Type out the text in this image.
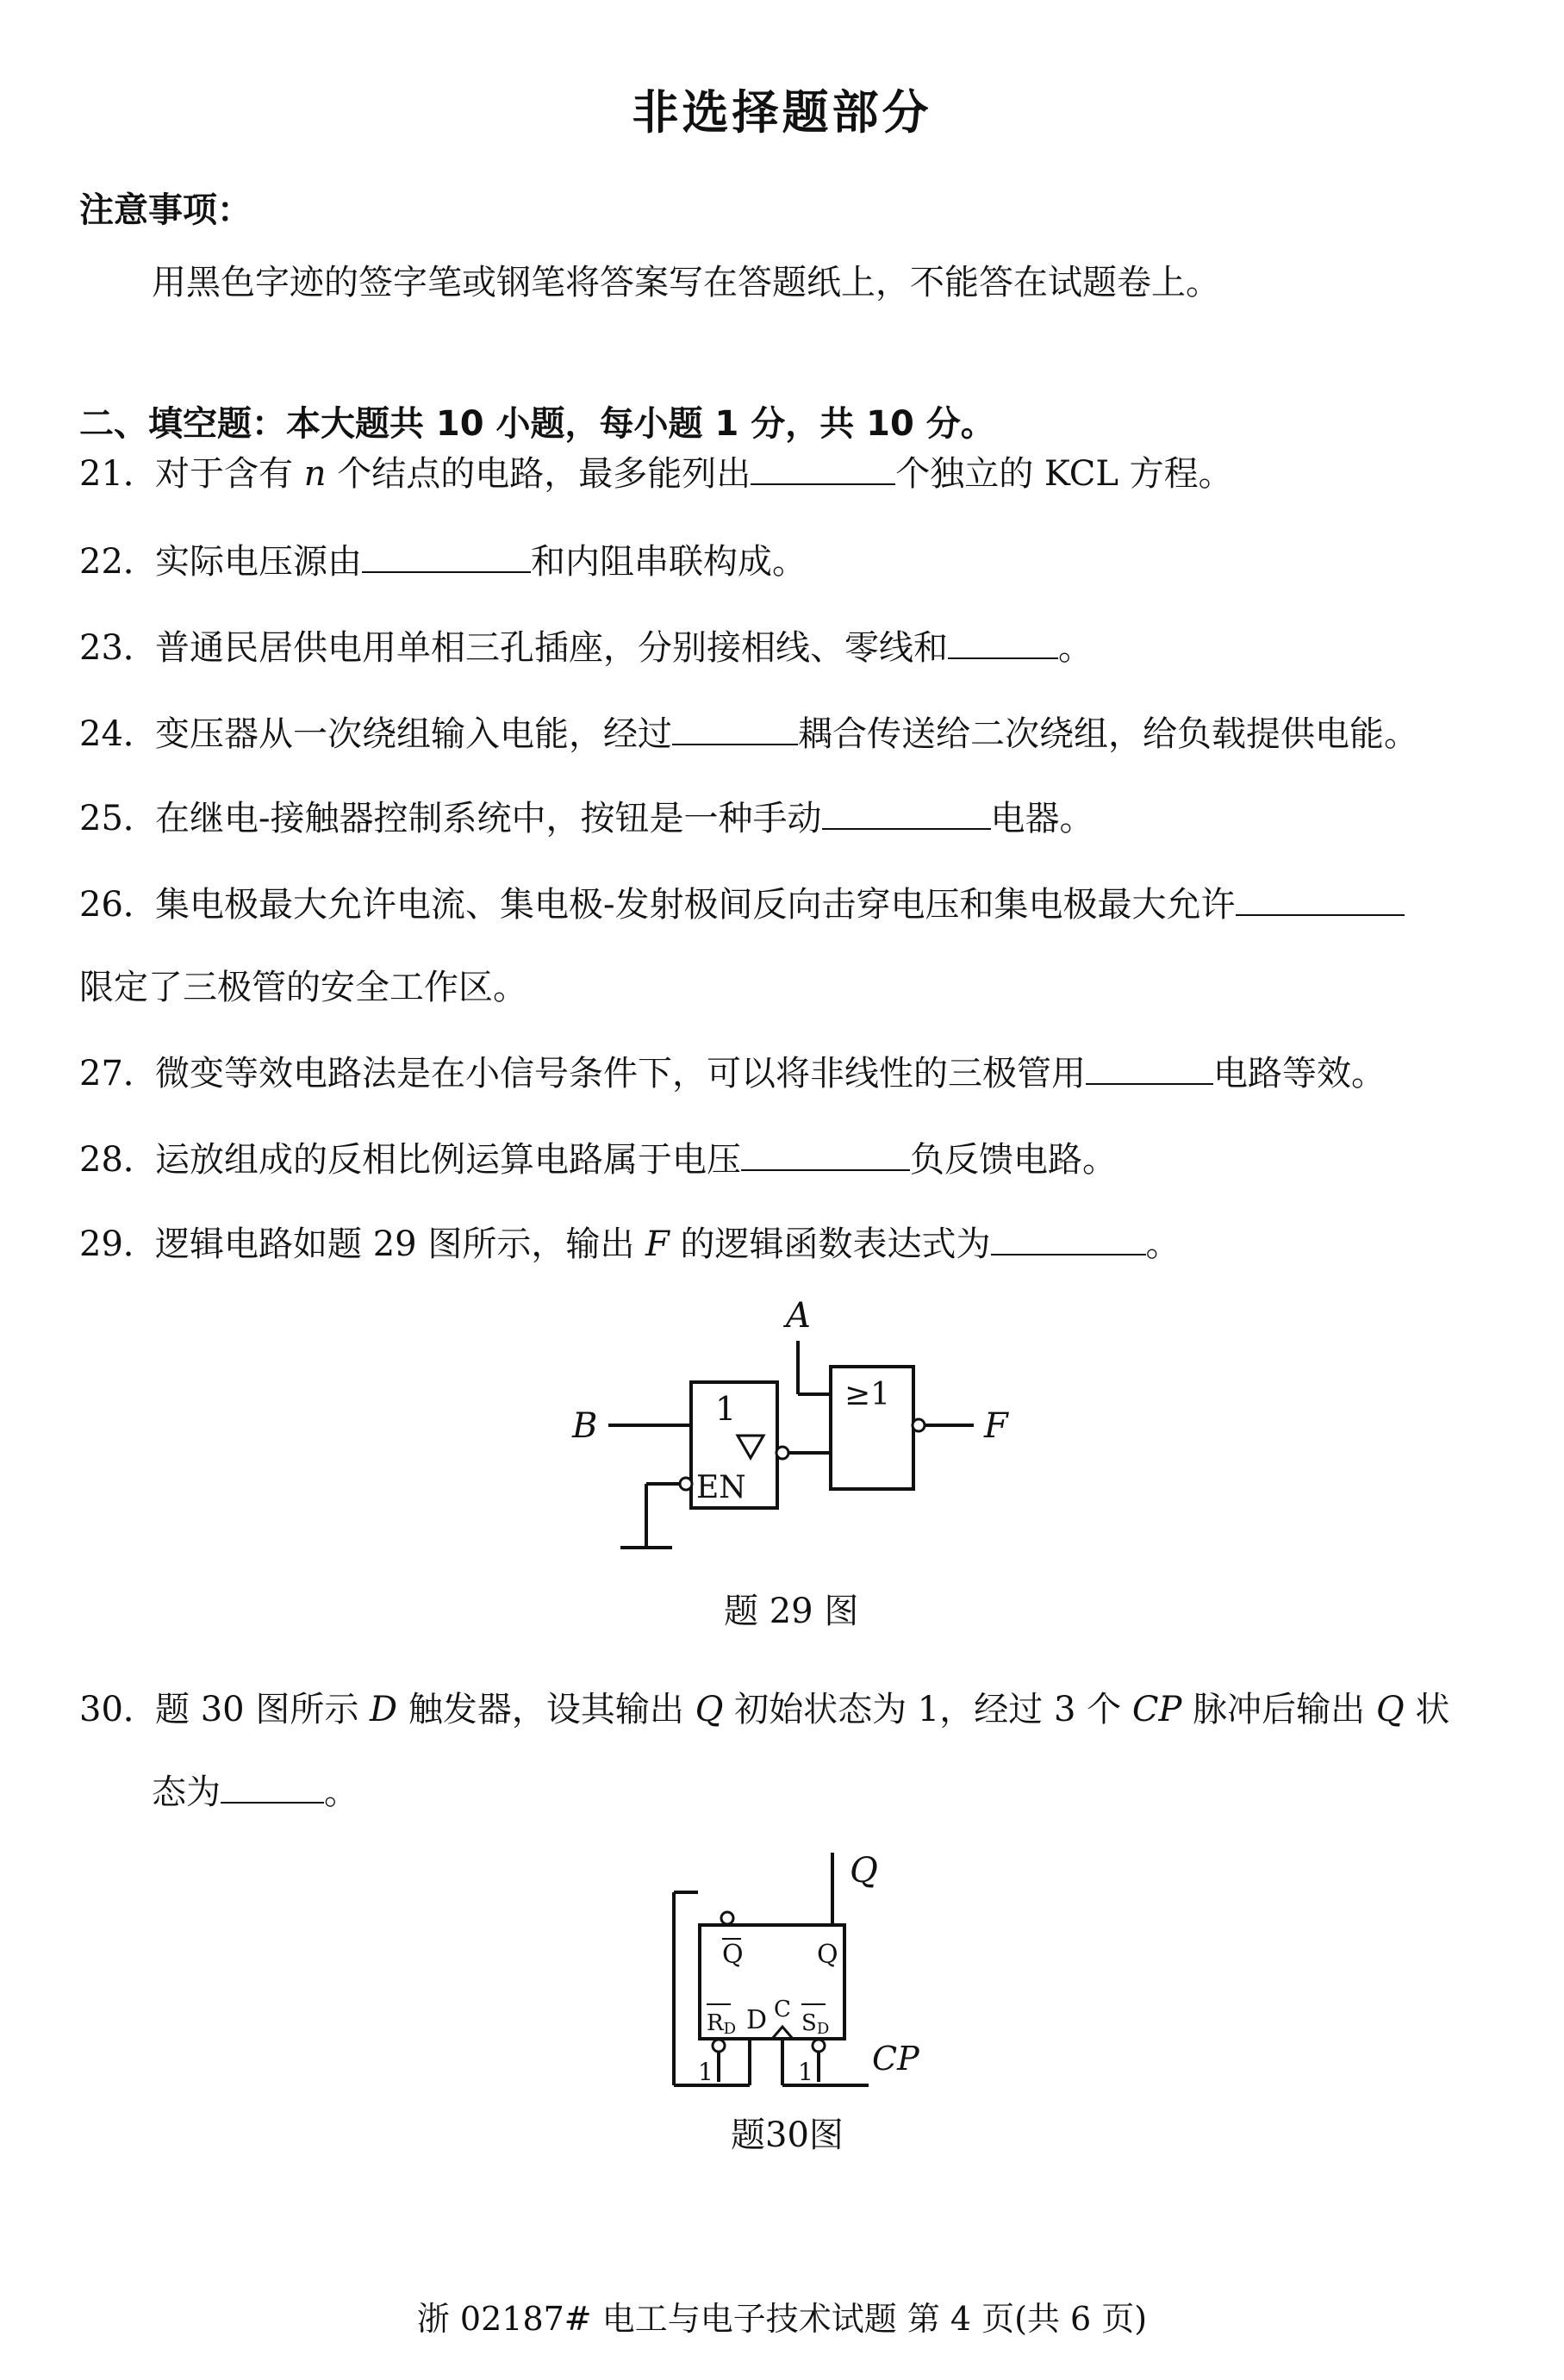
非选择题部分
注意事项：
用黑色字迹的签字笔或钢笔将答案写在答题纸上，不能答在试题卷上。
二、填空题：本大题共 10 小题，每小题 1 分，共 10 分。
21．对于含有 n 个结点的电路，最多能列出	个独立的 KCL 方程。
22．实际电压源由	和内阻串联构成。
23．普通民居供电用单相三孔插座，分别接相线、零线和	。
24．变压器从一次绕组输入电能，经过	耦合传送给二次绕组，给负载提供电能。
25．在继电-接触器控制系统中，按钮是一种手动	电器。
26．集电极最大允许电流、集电极-发射极间反向击穿电压和集电极最大允许
限定了三极管的安全工作区。
27．微变等效电路法是在小信号条件下，可以将非线性的三极管用	电路等效。
28．运放组成的反相比例运算电路属于电压	负反馈电路。
29．逻辑电路如题 29 图所示，输出 F 的逻辑函数表达式为	。
A
B	F
1
EN
≥1
题 29 图
30．题 30 图所示 D 触发器，设其输出 Q 初始状态为 1，经过 3 个 CP 脉冲后输出 Q 状
态为	。
Q
CP
Q	Q
RD D C
SD
1	1
题30图
浙 02187# 电工与电子技术试题 第 4 页(共 6 页)
